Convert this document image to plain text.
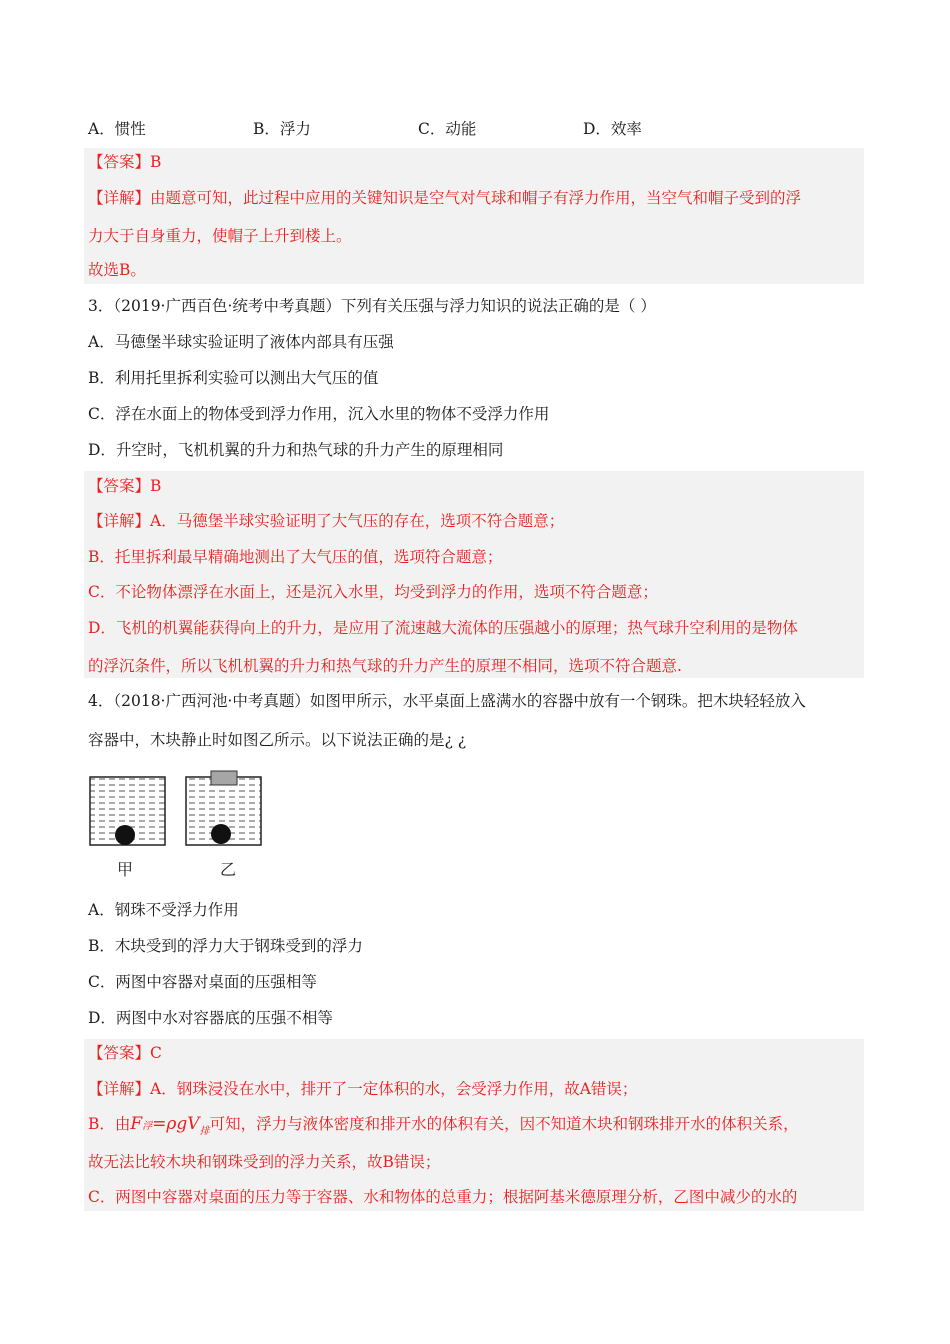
A．惯性	B．浮力	C．动能	D．效率
【答案】B
【详解】由题意可知，此过程中应用的关键知识是空气对气球和帽子有浮力作用，当空气和帽子受到的浮
力大于自身重力，使帽子上升到楼上。
故选B。
3．（2019·广西百色·统考中考真题）下列有关压强与浮力知识的说法正确的是（ ）
A．马德堡半球实验证明了液体内部具有压强
B．利用托里拆利实验可以测出大气压的值
C．浮在水面上的物体受到浮力作用，沉入水里的物体不受浮力作用
D．升空时，飞机机翼的升力和热气球的升力产生的原理相同
【答案】B
【详解】A．马德堡半球实验证明了大气压的存在，选项不符合题意；
B．托里拆利最早精确地测出了大气压的值，选项符合题意；
C．不论物体漂浮在水面上，还是沉入水里，均受到浮力的作用，选项不符合题意；
D．飞机的机翼能获得向上的升力，是应用了流速越大流体的压强越小的原理；热气球升空利用的是物体
的浮沉条件，所以飞机机翼的升力和热气球的升力产生的原理不相同，选项不符合题意.
4．（2018·广西河池·中考真题）如图甲所示，水平桌面上盛满水的容器中放有一个钢珠。把木块轻轻放入
容器中，木块静止时如图乙所示。以下说法正确的是¿ ¿
甲	乙
A．钢珠不受浮力作用
B．木块受到的浮力大于钢珠受到的浮力
C．两图中容器对桌面的压强相等
D．两图中水对容器底的压强不相等
【答案】C
【详解】A．钢珠浸没在水中，排开了一定体积的水，会受浮力作用，故A错误；
B．由F浮=ρgV$_排$可知，浮力与液体密度和排开水的体积有关，因不知道木块和钢珠排开水的体积关系，
故无法比较木块和钢珠受到的浮力关系，故B错误；
C．两图中容器对桌面的压力等于容器、水和物体的总重力；根据阿基米德原理分析，乙图中减少的水的
